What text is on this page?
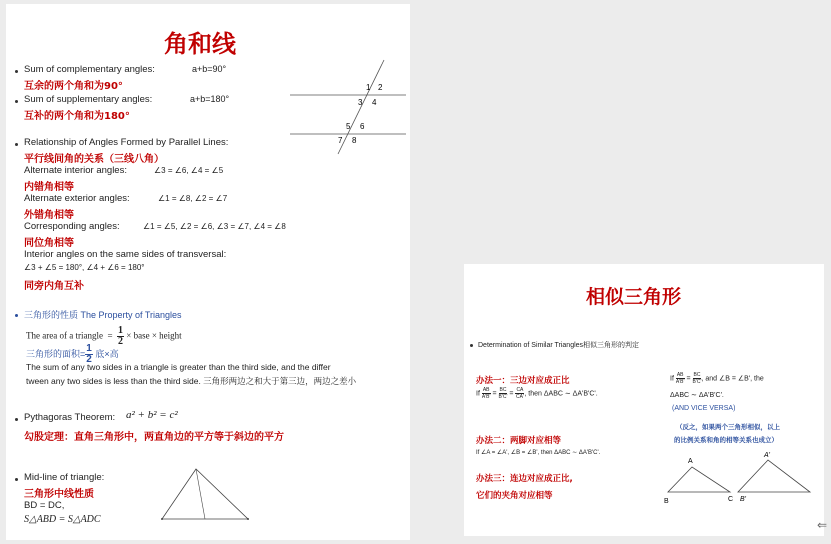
角和线
Sum of complementary angles:	a+b=90°
互余的两个角和为90°
Sum of supplementary angles:	a+b=180°
互补的两个角和为180°
1 2
3 4
5 6
7 8
Relationship of Angles Formed by Parallel Lines:
平行线间角的关系（三线八角）
Alternate interior angles:	∠3 = ∠6, ∠4 = ∠5
内错角相等
Alternate exterior angles:	∠1 = ∠8, ∠2 = ∠7
外错角相等
Corresponding angles:	∠1 = ∠5, ∠2 = ∠6, ∠3 = ∠7, ∠4 = ∠8
同位角相等
Interior angles on the same sides of transversal:
∠3 + ∠5 = 180°, ∠4 + ∠6 = 180°
同旁内角互补
三角形的性质 The Property of Triangles
The area of a triangle = $\frac{1}{2}$ × base × height
三角形的面积= $\frac{1}{2}$ 底×高
The sum of any two sides in a triangle is greater than the third side, and the differ
tween any two sides is less than the third side. 三角形两边之和大于第三边，两边之差小
Pythagoras Theorem: a² + b² = c²
勾股定理：直角三角形中，两直角边的平方等于斜边的平方
Mid-line of triangle:
三角形中线性质
BD = DC,
S△ABD = S△ADC
相似三角形
Determination of Similar Triangles相似三角形的判定
办法一：三边对应成正比
If $\frac{AB}{A'B'} = \frac{BC}{B'C'} = \frac{CA}{CA'}$, then ΔABC ∼ ΔA'B'C'.
办法二：两脚对应相等
If ∠A = ∠A', ∠B = ∠B', then ΔABC ∼ ΔA'B'C'.
办法三：连边对应成正比,
它们的夹角对应相等
If $\frac{AB}{A'B'} = \frac{BC}{B'C'}$, and ∠B = ∠B', the
ΔABC ∼ ΔA'B'C'.
(AND VICE VERSA)
（反之，如果两个三角形相似，以上
的比例关系和角的相等关系也成立）
A
B	C
A'
B'
⇐
